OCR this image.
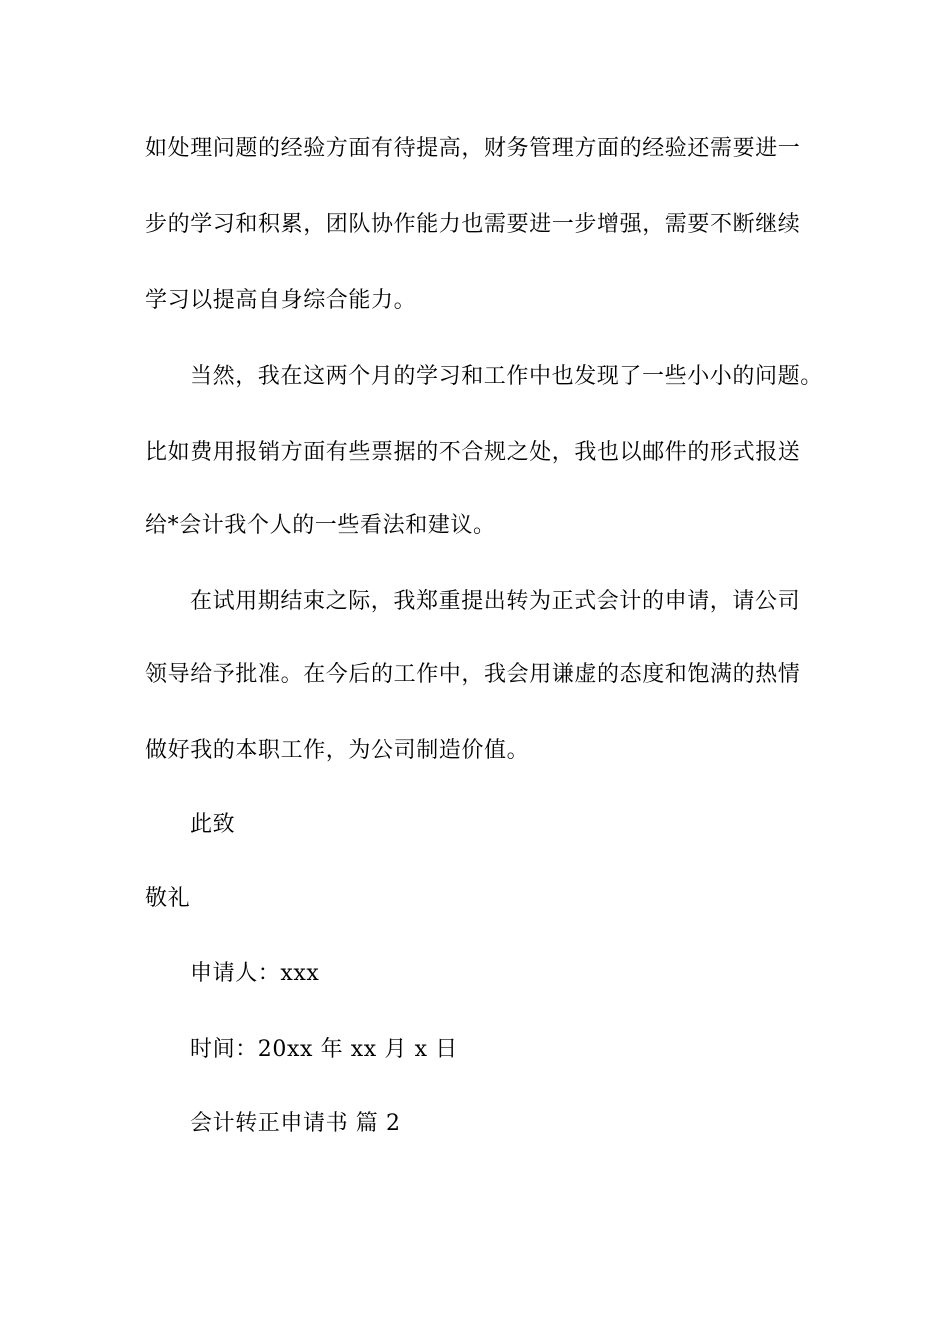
如处理问题的经验方面有待提高，财务管理方面的经验还需要进一
步的学习和积累，团队协作能力也需要进一步增强，需要不断继续
学习以提高自身综合能力。
当然，我在这两个月的学习和工作中也发现了一些小小的问题。
比如费用报销方面有些票据的不合规之处，我也以邮件的形式报送
给*会计我个人的一些看法和建议。
在试用期结束之际，我郑重提出转为正式会计的申请，请公司
领导给予批准。在今后的工作中，我会用谦虚的态度和饱满的热情
做好我的本职工作，为公司制造价值。
此致
敬礼
申请人：xxx
时间：20xx 年 xx 月 x 日
会计转正申请书 篇 2
